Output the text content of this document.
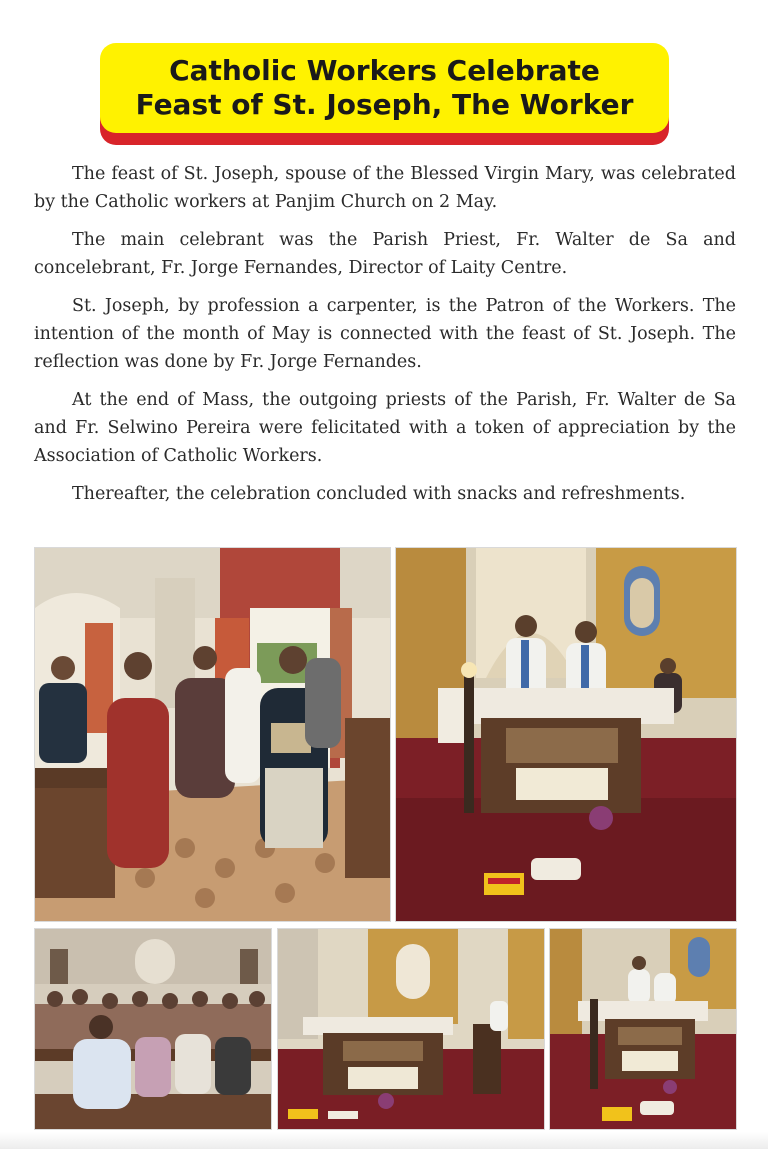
Catholic Workers Celebrate
Feast of St. Joseph, The Worker

The feast of St. Joseph, spouse of the Blessed Virgin Mary, was celebrated by the Catholic workers at Panjim Church on 2 May.

The main celebrant was the Parish Priest, Fr. Walter de Sa and concelebrant, Fr. Jorge Fernandes, Director of Laity Centre.

St. Joseph, by profession a carpenter, is the Patron of the Workers. The intention of the month of May is connected with the feast of St. Joseph. The reflection was done by Fr. Jorge Fernandes.

At the end of Mass, the outgoing priests of the Parish, Fr. Walter de Sa and Fr. Selwino Pereira were felicitated with a token of appreciation by the Association of Catholic Workers.

Thereafter, the celebration concluded with snacks and refreshments.
